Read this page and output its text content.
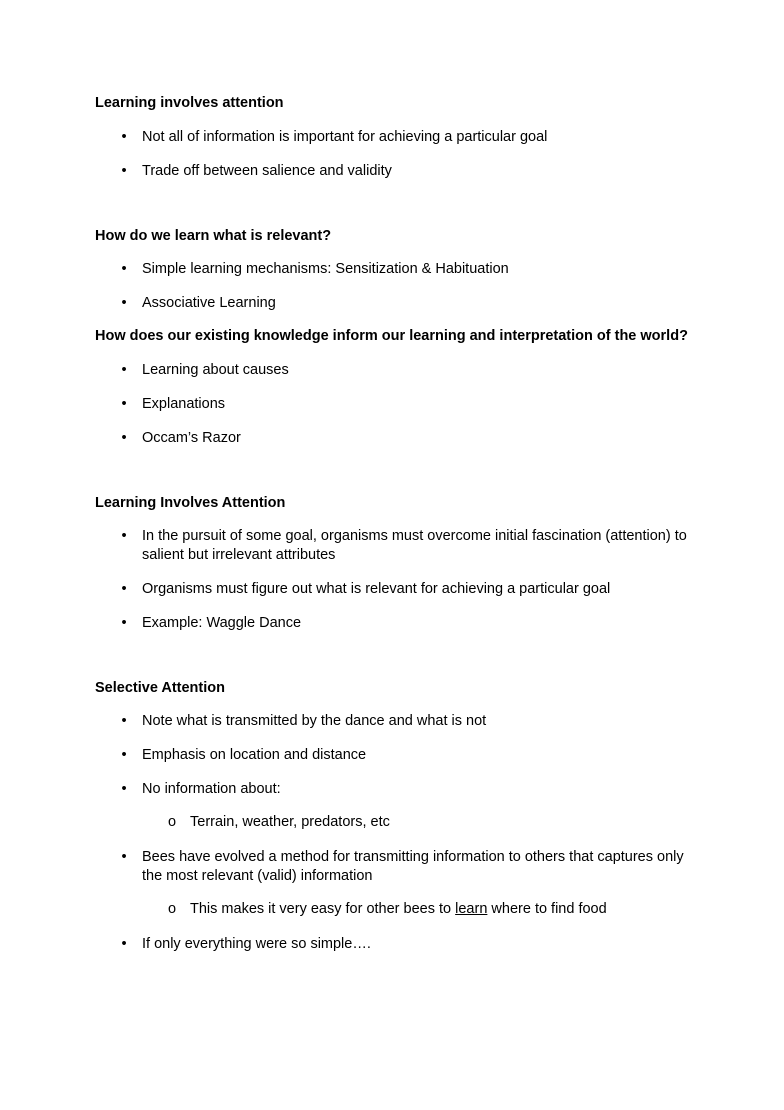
Learning involves attention
•	Not all of information is important for achieving a particular goal
•	Trade off between salience and validity
How do we learn what is relevant?
•	Simple learning mechanisms: Sensitization & Habituation
•	Associative Learning
How does our existing knowledge inform our learning and interpretation of the world?
•	Learning about causes
•	Explanations
•	Occam’s Razor
Learning Involves Attention
•	In the pursuit of some goal, organisms must overcome initial fascination (attention) to salient but irrelevant attributes
•	Organisms must figure out what is relevant for achieving a particular goal
•	Example: Waggle Dance
Selective Attention
•	Note what is transmitted by the dance and what is not
•	Emphasis on location and distance
•	No information about:
o Terrain, weather, predators, etc
•	Bees have evolved a method for transmitting information to others that captures only the most relevant (valid) information
o This makes it very easy for other bees to learn where to find food
•	If only everything were so simple….
